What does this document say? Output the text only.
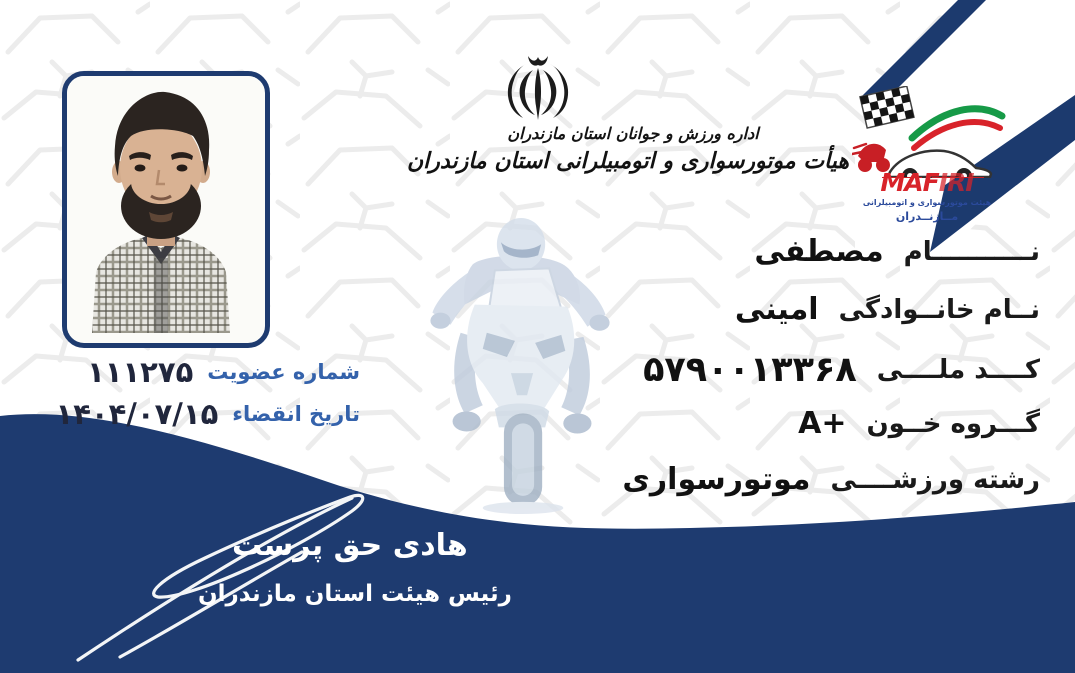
اداره ورزش و جوانان استان مازندران
هیأت موتورسواری و اتومبیلرانی استان مازندران
MAFIRI
هیئت موتورسواری و اتومبیلرانی
مــازنــدران
مصطفی نـــــــــــام
امینی نــام خانــوادگی
۵۷۹۰۰۱۳۳۶۸ کــــد ملــــی
A+ گـــروه خــون
موتورسواری رشته ورزشــــی
۱۱۱۲۷۵ شماره عضویت
۱۴۰۴/۰۷/۱۵ تاریخ انقضاء
هادی حق پرست
رئیس هیئت استان مازندران
